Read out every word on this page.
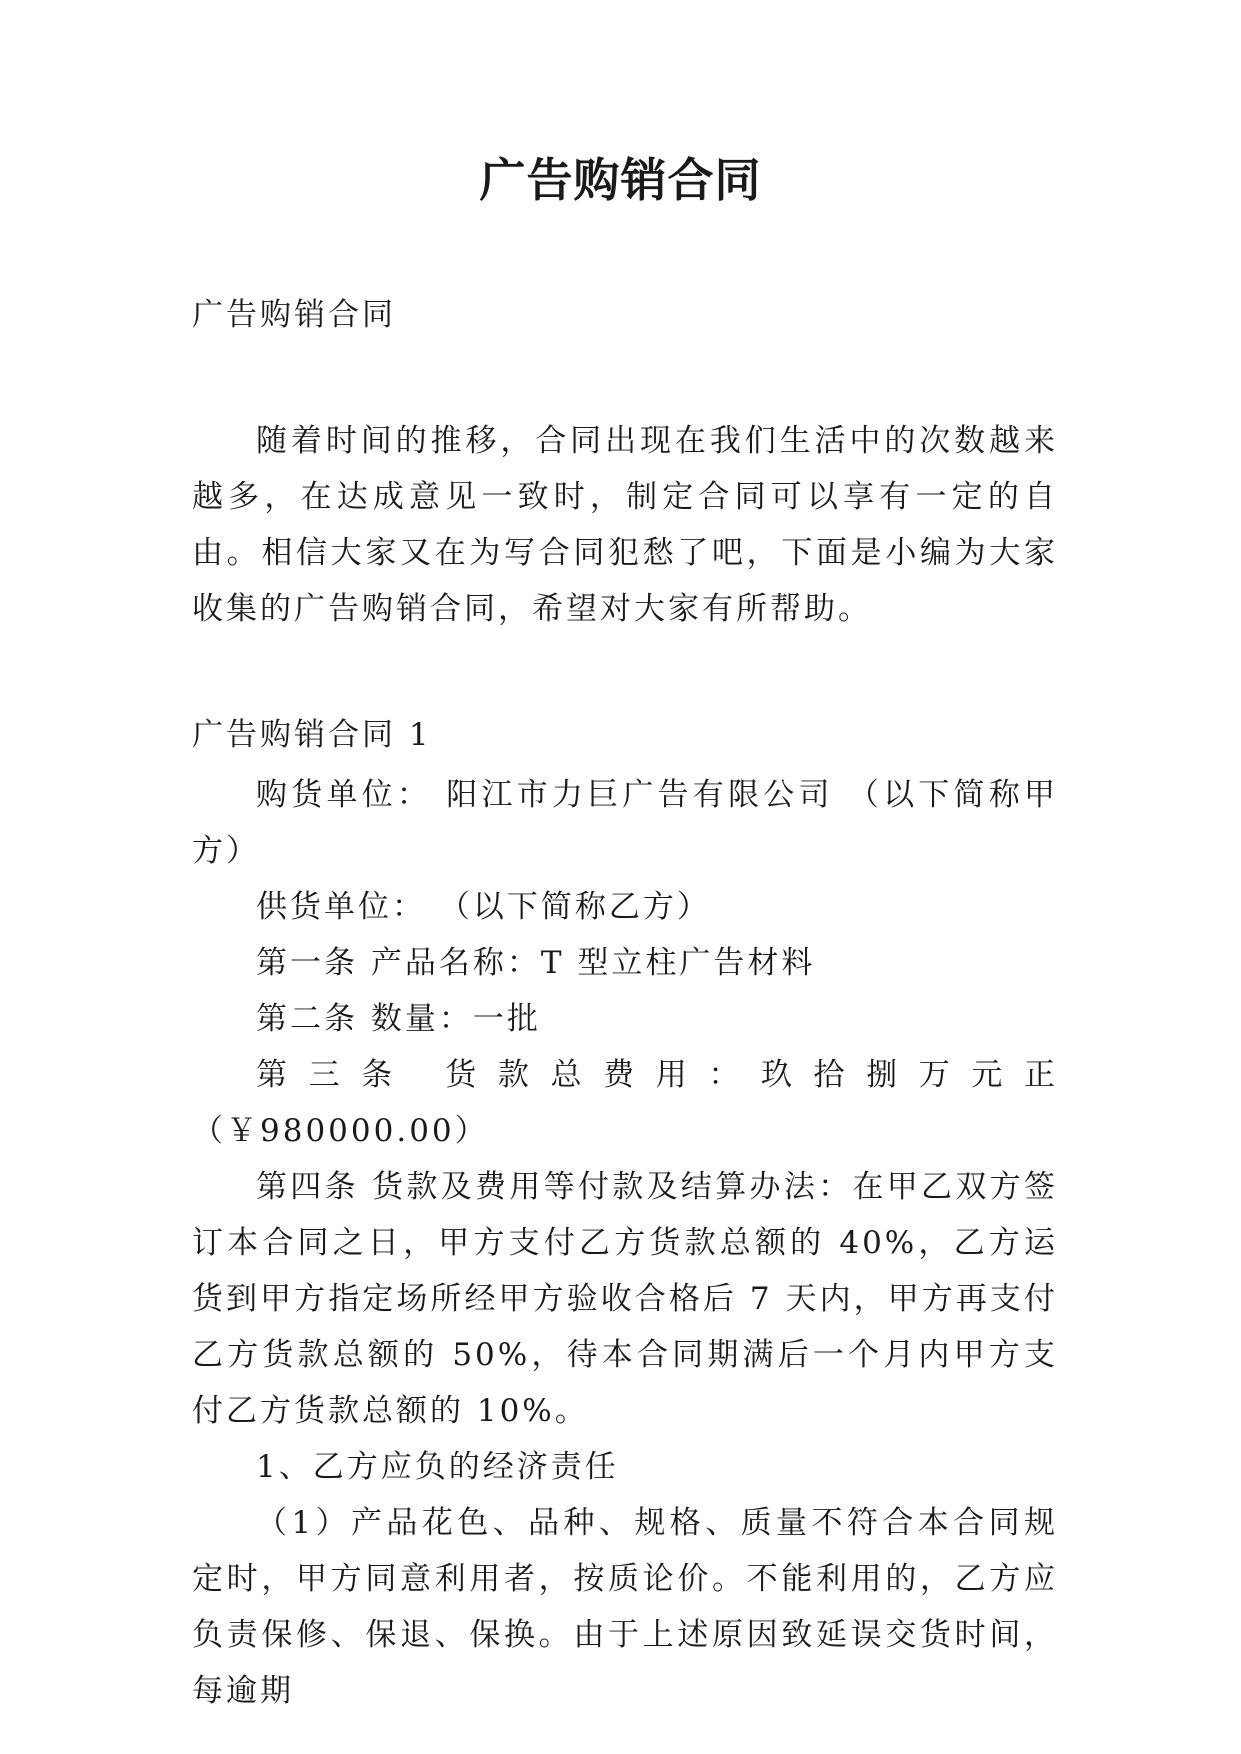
广告购销合同

广告购销合同

随着时间的推移，合同出现在我们生活中的次数越来越多，在达成意见一致时，制定合同可以享有一定的自由。相信大家又在为写合同犯愁了吧，下面是小编为大家收集的广告购销合同，希望对大家有所帮助。

广告购销合同 1

购货单位： 阳江市力巨广告有限公司 （以下简称甲方）

供货单位： （以下简称乙方）

第一条 产品名称：T 型立柱广告材料

第二条 数量：一批

第三条 货款总费用：玖拾捌万元正（￥980000.00）

第四条 货款及费用等付款及结算办法：在甲乙双方签订本合同之日，甲方支付乙方货款总额的 40%，乙方运货到甲方指定场所经甲方验收合格后 7 天内，甲方再支付乙方货款总额的 50%，待本合同期满后一个月内甲方支付乙方货款总额的 10%。

1、乙方应负的经济责任

（1）产品花色、品种、规格、质量不符合本合同规定时，甲方同意利用者，按质论价。不能利用的，乙方应负责保修、保退、保换。由于上述原因致延误交货时间，每逾期
